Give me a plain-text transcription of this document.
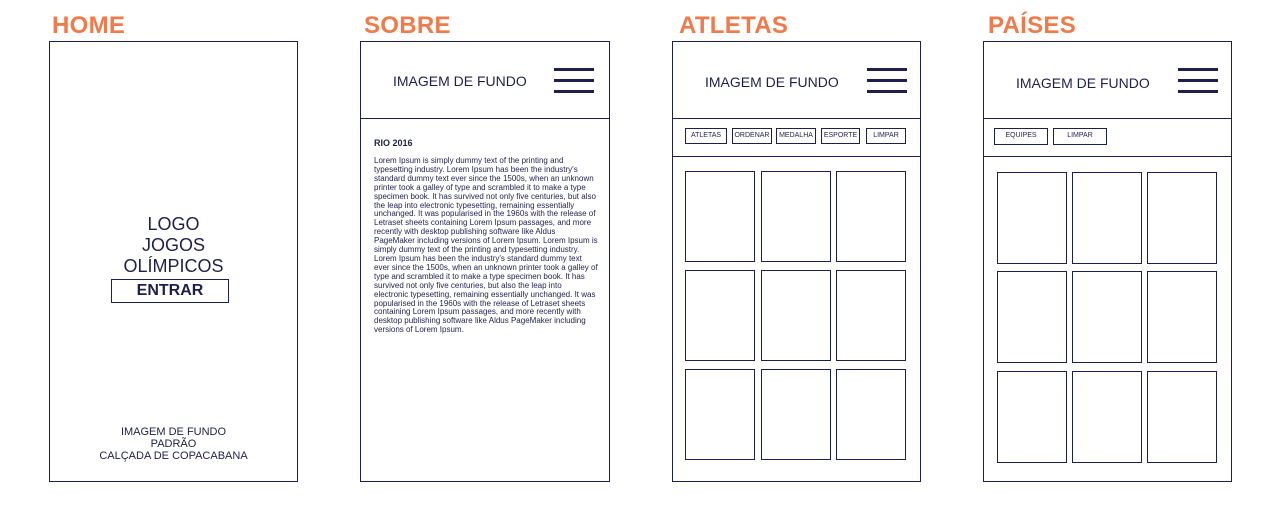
HOME
LOGO
JOGOS
OLÍMPICOS
ENTRAR
IMAGEM DE FUNDO
PADRÃO
CALÇADA DE COPACABANA
SOBRE
IMAGEM DE FUNDO
RIO 2016
Lorem Ipsum is simply dummy text of the printing and typesetting industry. Lorem Ipsum has been the industry's standard dummy text ever since the 1500s, when an unknown printer took a galley of type and scrambled it to make a type specimen book. It has survived not only five centuries, but also the leap into electronic typesetting, remaining essentially unchanged. It was popularised in the 1960s with the release of Letraset sheets containing Lorem Ipsum passages, and more recently with desktop publishing software like Aldus PageMaker including versions of Lorem Ipsum. Lorem Ipsum is simply dummy text of the printing and typesetting industry. Lorem Ipsum has been the industry's standard dummy text ever since the 1500s, when an unknown printer took a galley of type and scrambled it to make a type specimen book. It has survived not only five centuries, but also the leap into electronic typesetting, remaining essentially unchanged. It was popularised in the 1960s with the release of Letraset sheets containing Lorem Ipsum passages, and more recently with desktop publishing software like Aldus PageMaker including versions of Lorem Ipsum.
ATLETAS
IMAGEM DE FUNDO
ATLETAS	ORDENAR	MEDALHA	ESPORTE	LIMPAR
PAÍSES
IMAGEM DE FUNDO
EQUIPES	LIMPAR
